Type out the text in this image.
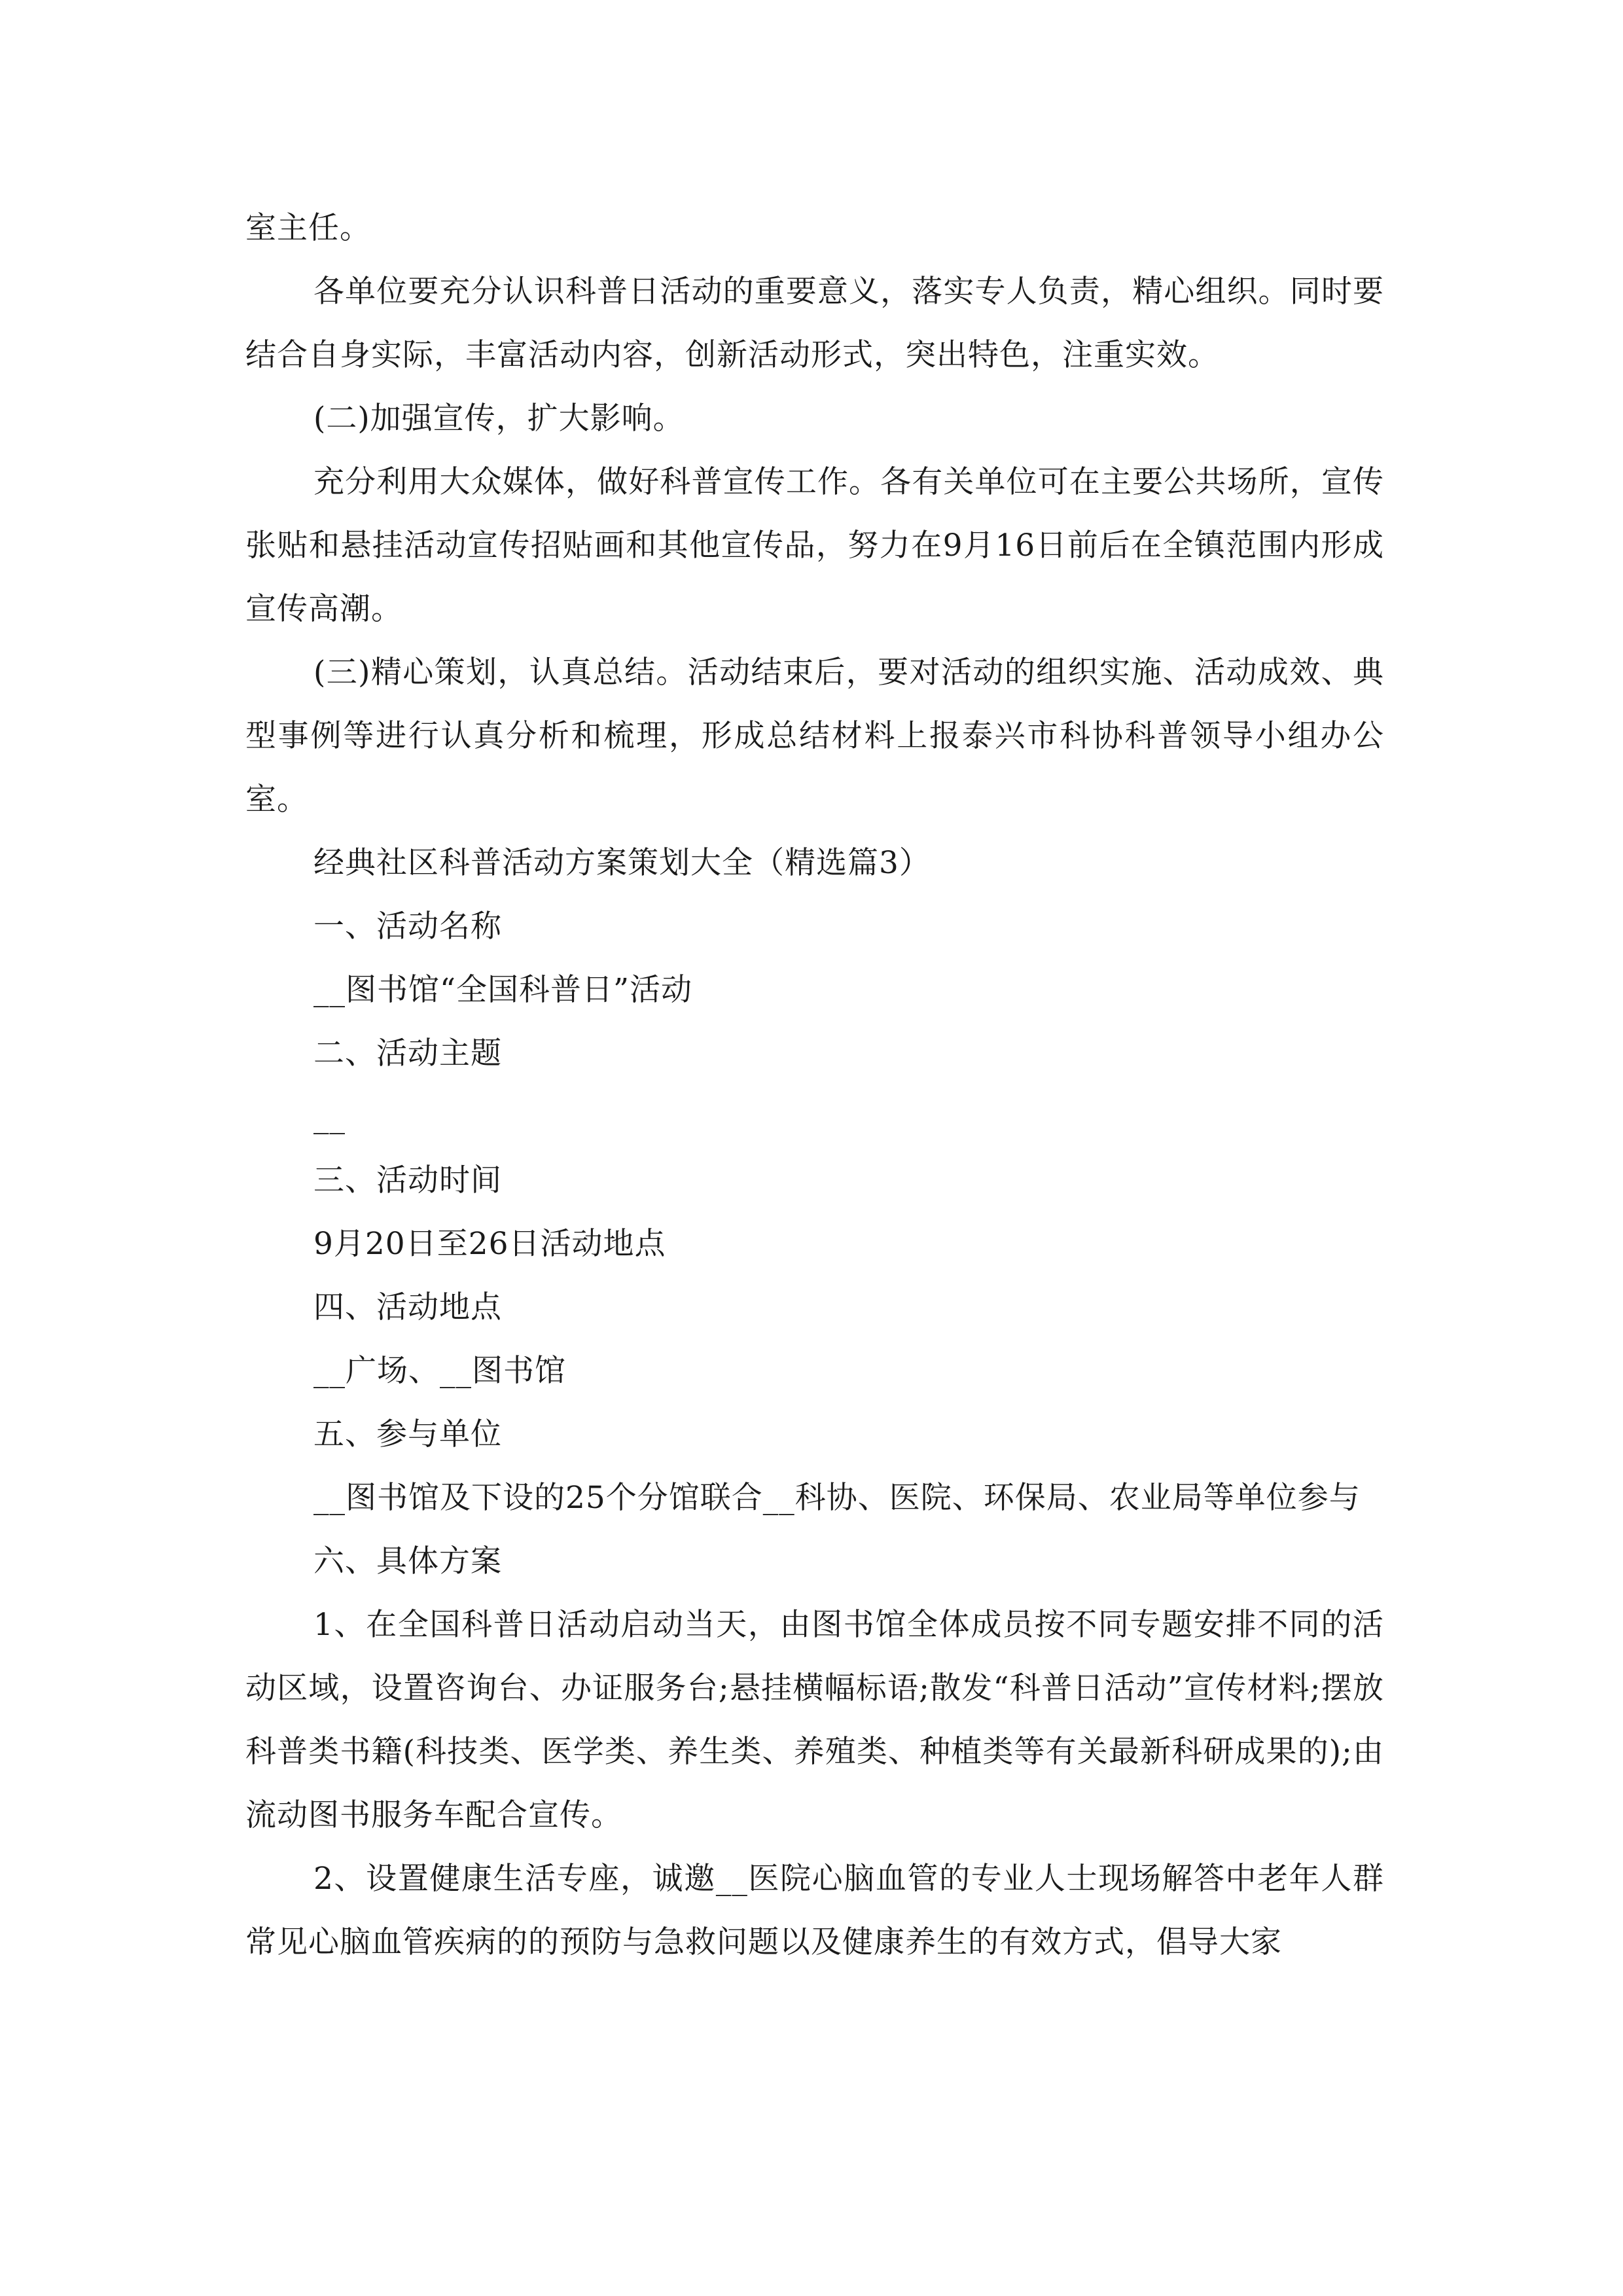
室主任。

各单位要充分认识科普日活动的重要意义，落实专人负责，精心组织。同时要结合自身实际，丰富活动内容，创新活动形式，突出特色，注重实效。

(二)加强宣传，扩大影响。

充分利用大众媒体，做好科普宣传工作。各有关单位可在主要公共场所，宣传张贴和悬挂活动宣传招贴画和其他宣传品，努力在9月16日前后在全镇范围内形成宣传高潮。

(三)精心策划，认真总结。活动结束后，要对活动的组织实施、活动成效、典型事例等进行认真分析和梳理，形成总结材料上报泰兴市科协科普领导小组办公室。

经典社区科普活动方案策划大全（精选篇3）

一、活动名称

__图书馆“全国科普日”活动

二、活动主题

__

三、活动时间

9月20日至26日活动地点

四、活动地点

__广场、__图书馆

五、参与单位

__图书馆及下设的25个分馆联合__科协、医院、环保局、农业局等单位参与

六、具体方案

1、在全国科普日活动启动当天，由图书馆全体成员按不同专题安排不同的活动区域，设置咨询台、办证服务台;悬挂横幅标语;散发“科普日活动”宣传材料;摆放科普类书籍(科技类、医学类、养生类、养殖类、种植类等有关最新科研成果的);由流动图书服务车配合宣传。

2、设置健康生活专座，诚邀__医院心脑血管的专业人士现场解答中老年人群常见心脑血管疾病的的预防与急救问题以及健康养生的有效方式，倡导大家
